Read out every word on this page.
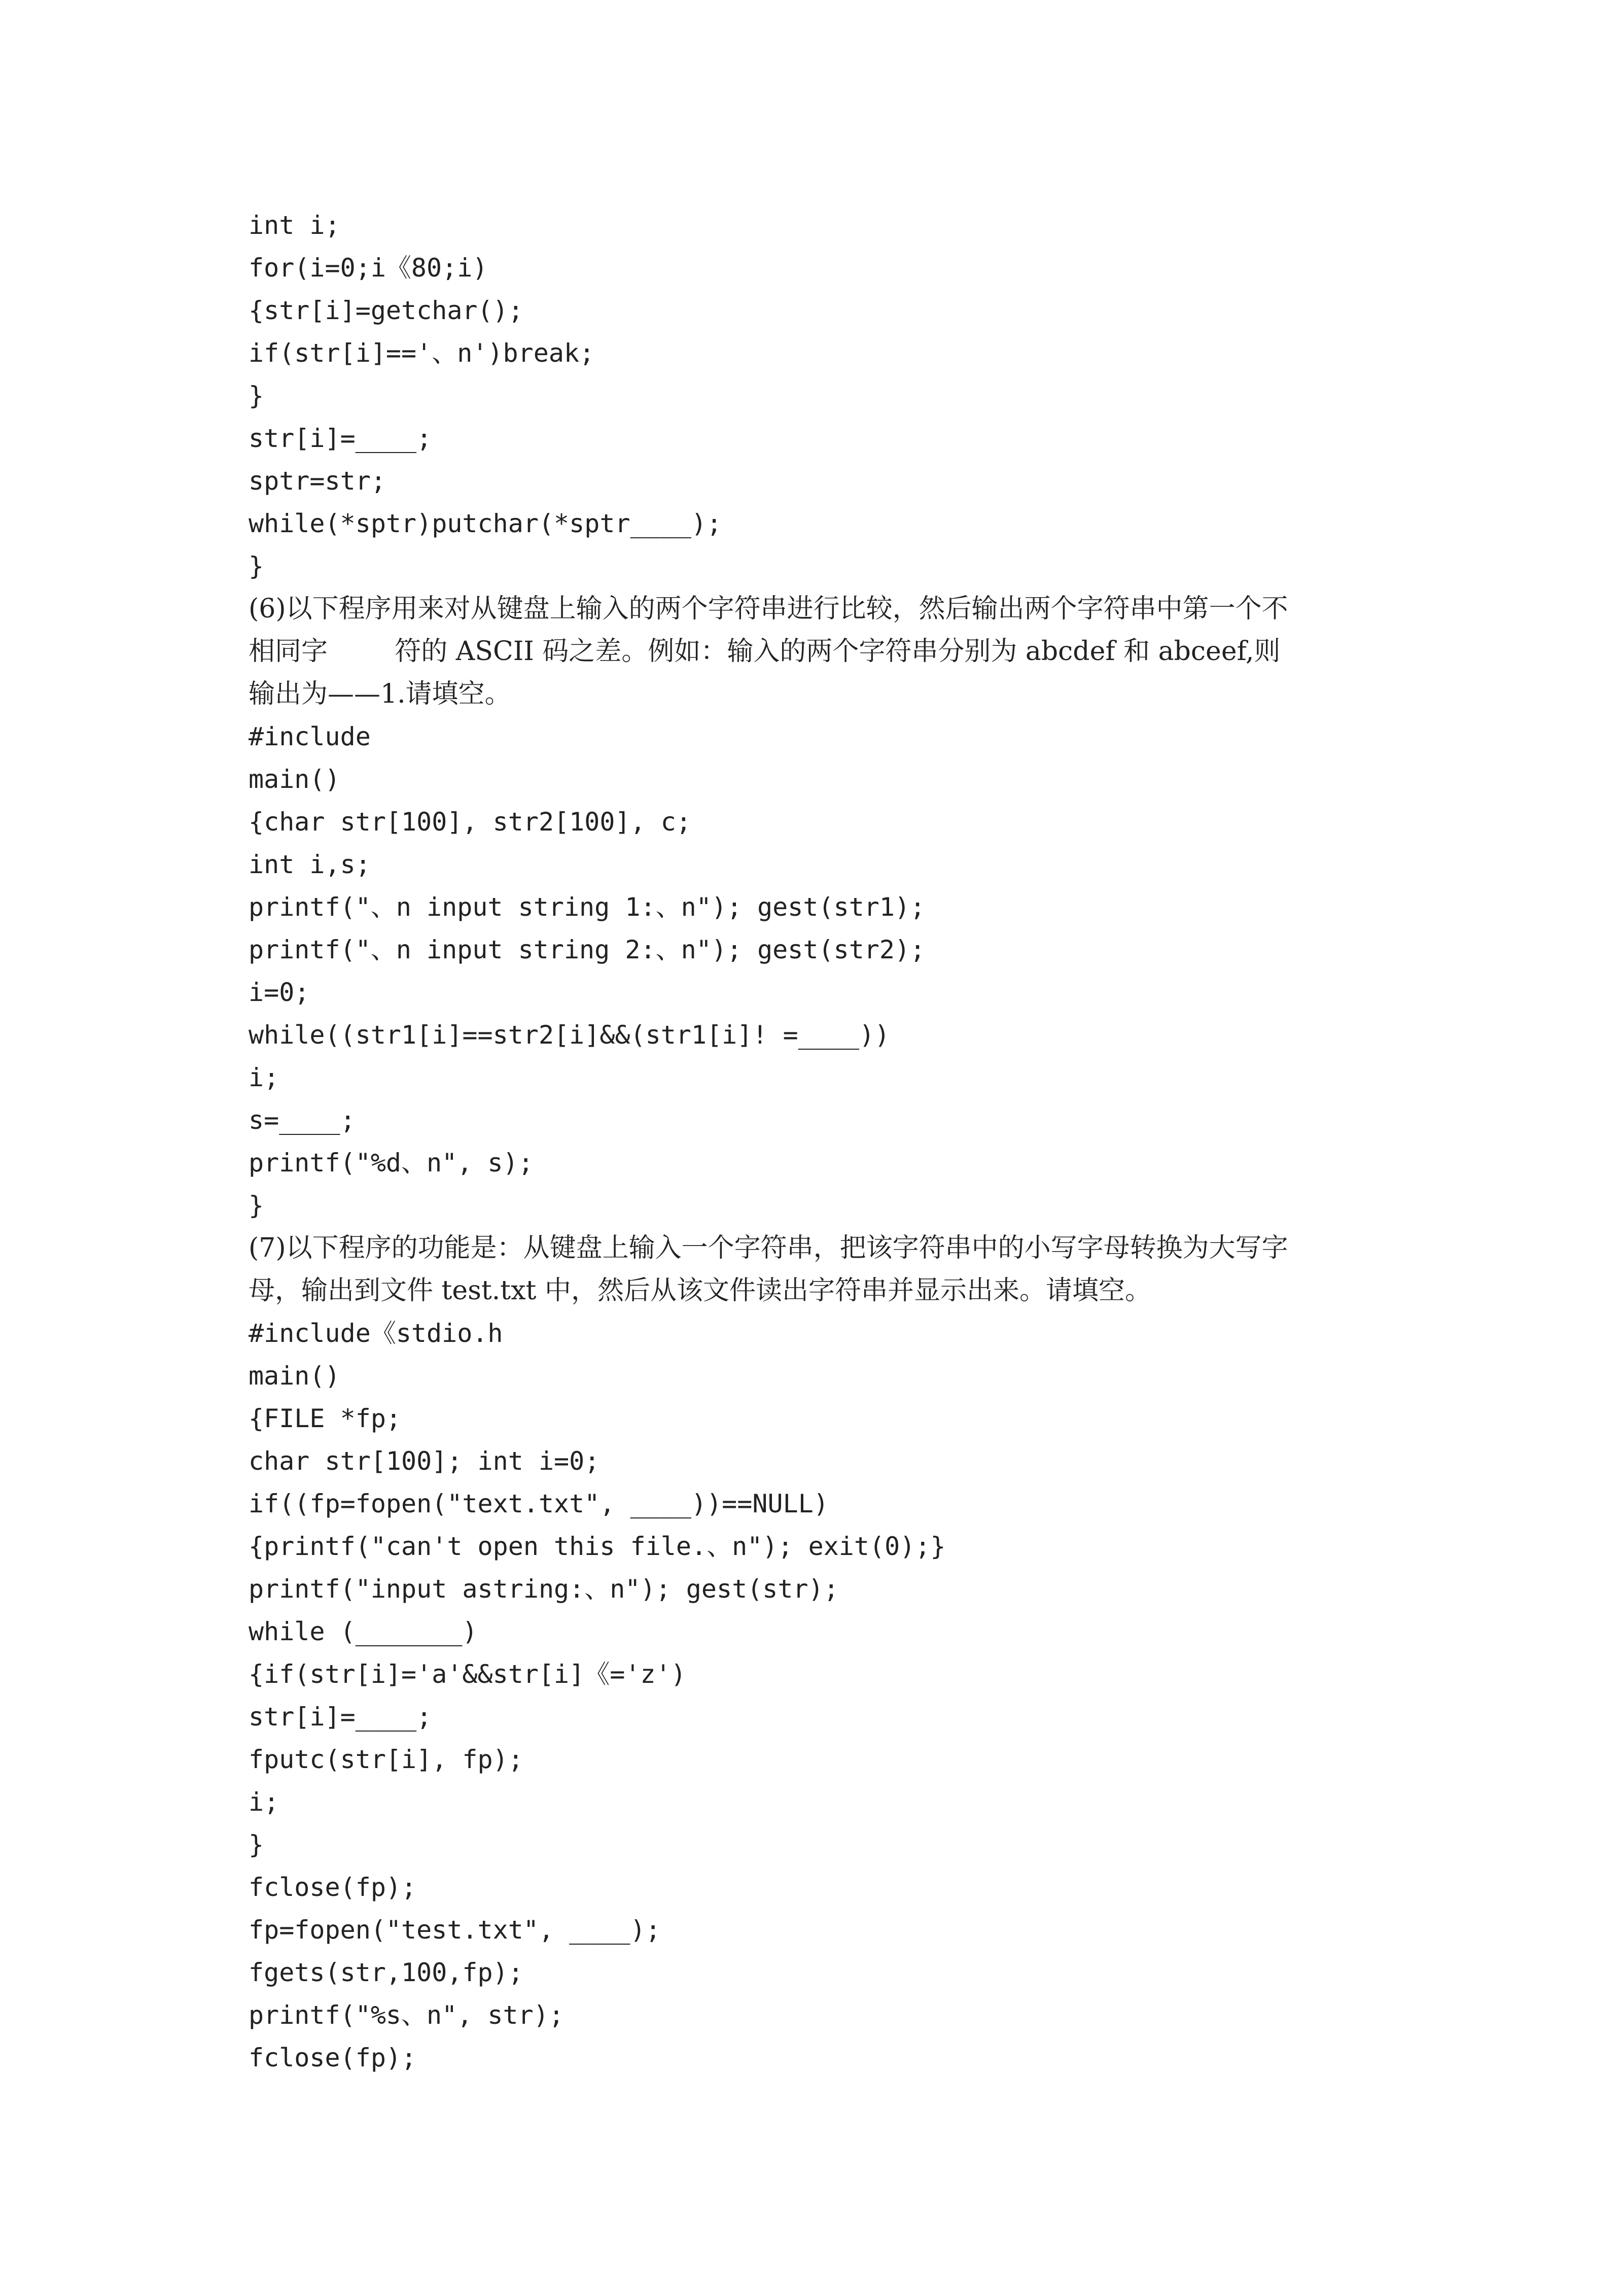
int i;
for(i=0;i《80;i)
{str[i]=getchar();
if(str[i]=='、n')break;
}
str[i]=____;
sptr=str;
while(*sptr)putchar(*sptr____);
}
(6)以下程序用来对从键盘上输入的两个字符串进行比较，然后输出两个字符串中第一个不
相同字        符的 ASCII 码之差。例如：输入的两个字符串分别为 abcdef 和 abceef,则
输出为——1.请填空。
#include
main()
{char str[100], str2[100], c;
int i,s;
printf("、n input string 1:、n"); gest(str1);
printf("、n input string 2:、n"); gest(str2);
i=0;
while((str1[i]==str2[i]&&(str1[i]! =____))
i;
s=____;
printf("%d、n", s);
}
(7)以下程序的功能是：从键盘上输入一个字符串，把该字符串中的小写字母转换为大写字
母，输出到文件 test.txt 中，然后从该文件读出字符串并显示出来。请填空。
#include《stdio.h
main()
{FILE *fp;
char str[100]; int i=0;
if((fp=fopen("text.txt", ____))==NULL)
{printf("can't open this file.、n"); exit(0);}
printf("input astring:、n"); gest(str);
while (_______)
{if(str[i]='a'&&str[i]《='z')
str[i]=____;
fputc(str[i], fp);
i;
}
fclose(fp);
fp=fopen("test.txt", ____);
fgets(str,100,fp);
printf("%s、n", str);
fclose(fp);
